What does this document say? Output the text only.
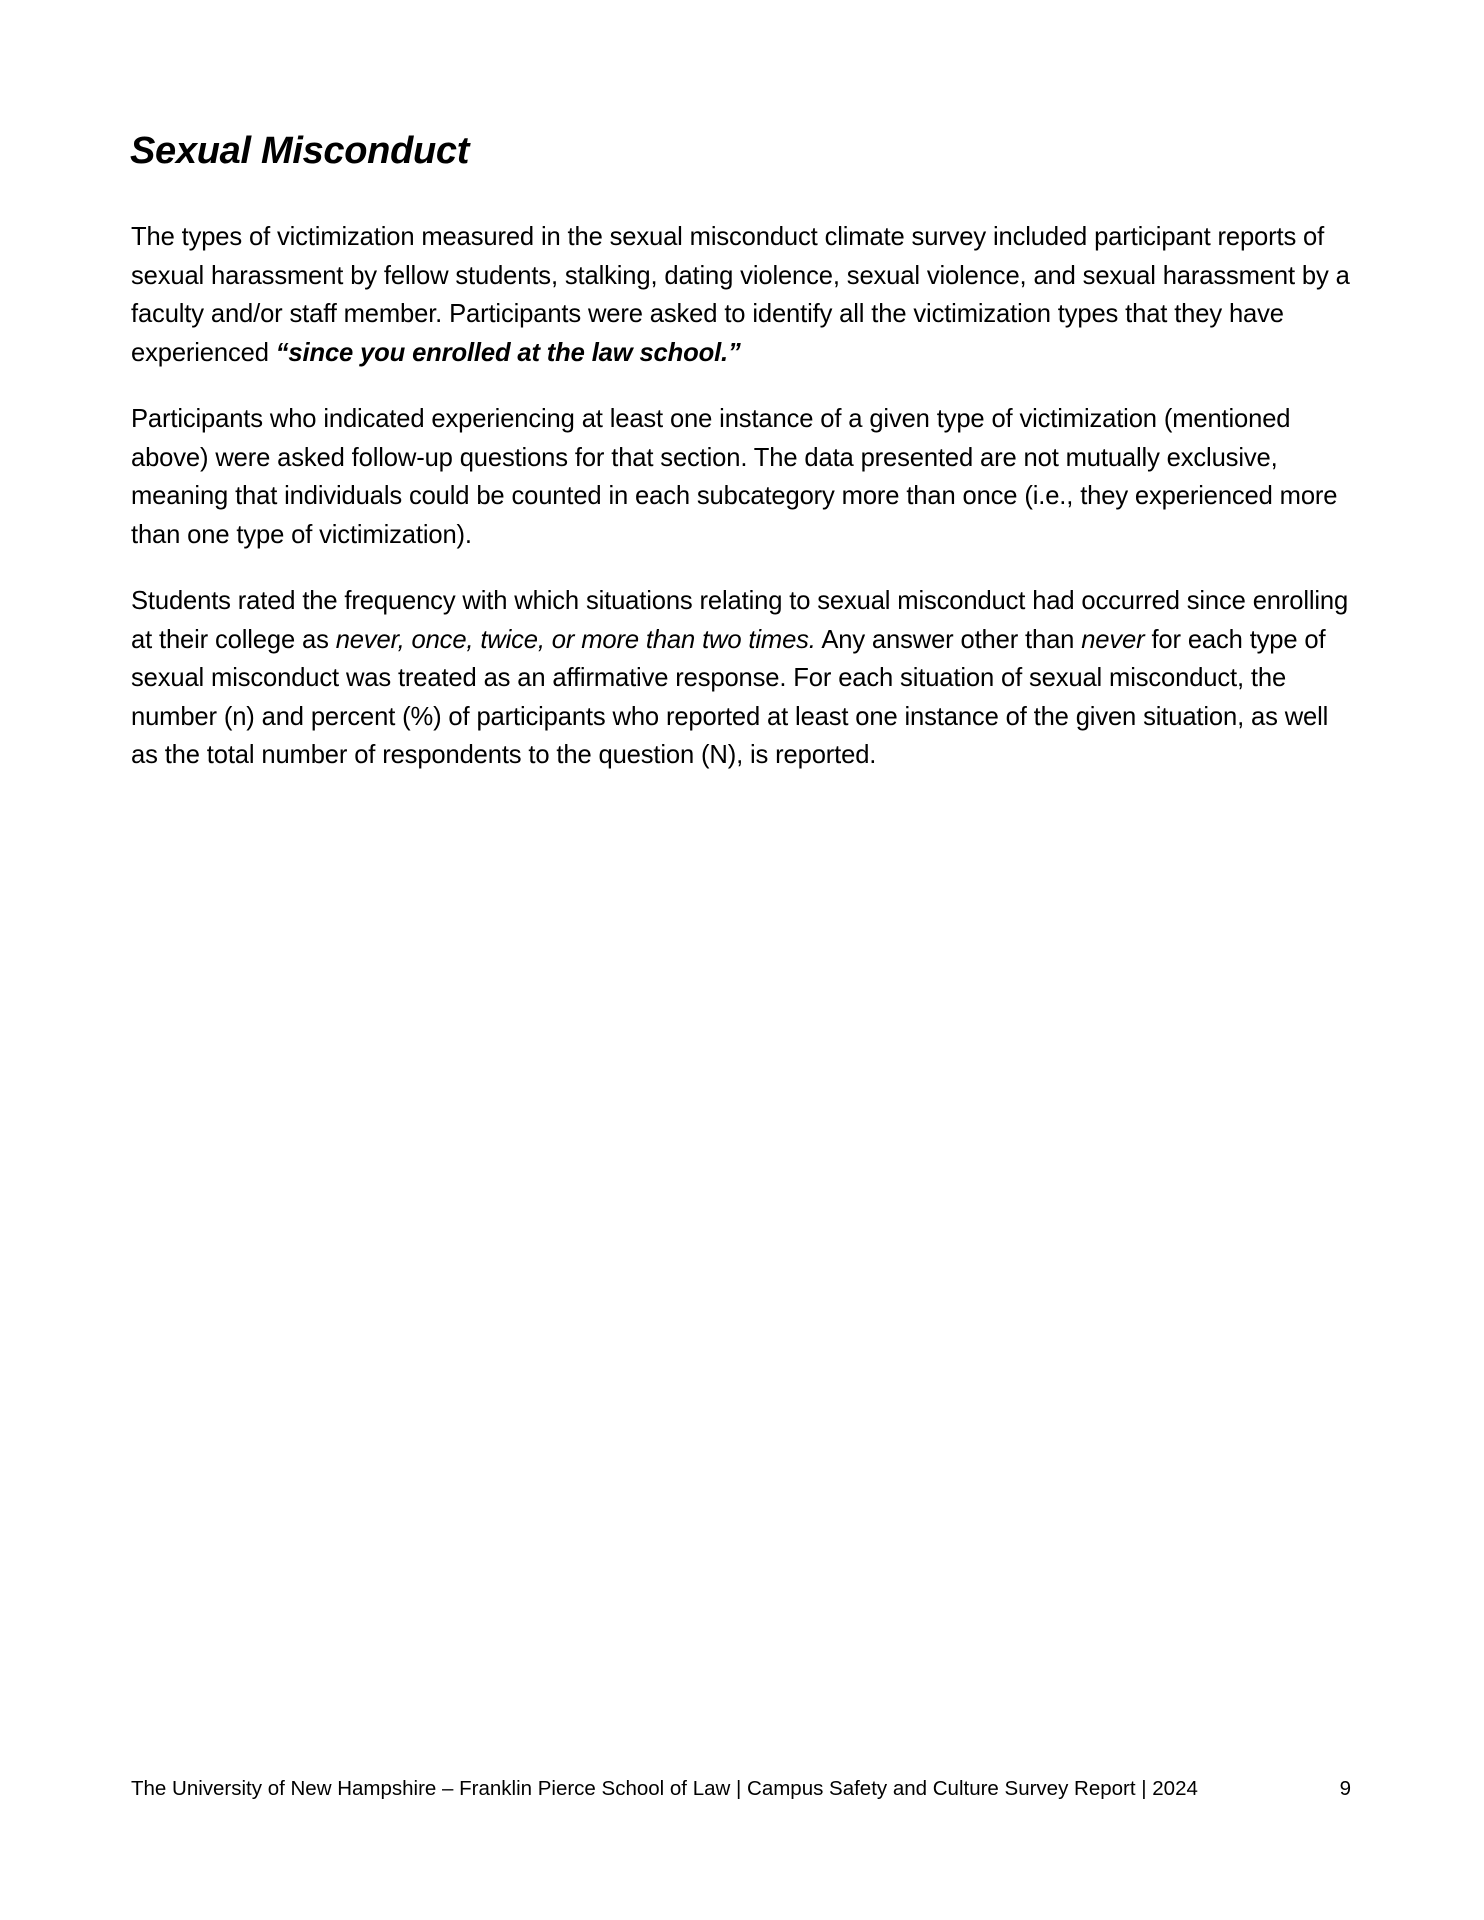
Sexual Misconduct

The types of victimization measured in the sexual misconduct climate survey included participant reports of sexual harassment by fellow students, stalking, dating violence, sexual violence, and sexual harassment by a faculty and/or staff member. Participants were asked to identify all the victimization types that they have experienced “since you enrolled at the law school.”

Participants who indicated experiencing at least one instance of a given type of victimization (mentioned above) were asked follow-up questions for that section. The data presented are not mutually exclusive, meaning that individuals could be counted in each subcategory more than once (i.e., they experienced more than one type of victimization).

Students rated the frequency with which situations relating to sexual misconduct had occurred since enrolling at their college as never, once, twice, or more than two times. Any answer other than never for each type of sexual misconduct was treated as an affirmative response. For each situation of sexual misconduct, the number (n) and percent (%) of participants who reported at least one instance of the given situation, as well as the total number of respondents to the question (N), is reported.

The University of New Hampshire – Franklin Pierce School of Law | Campus Safety and Culture Survey Report | 2024	9
